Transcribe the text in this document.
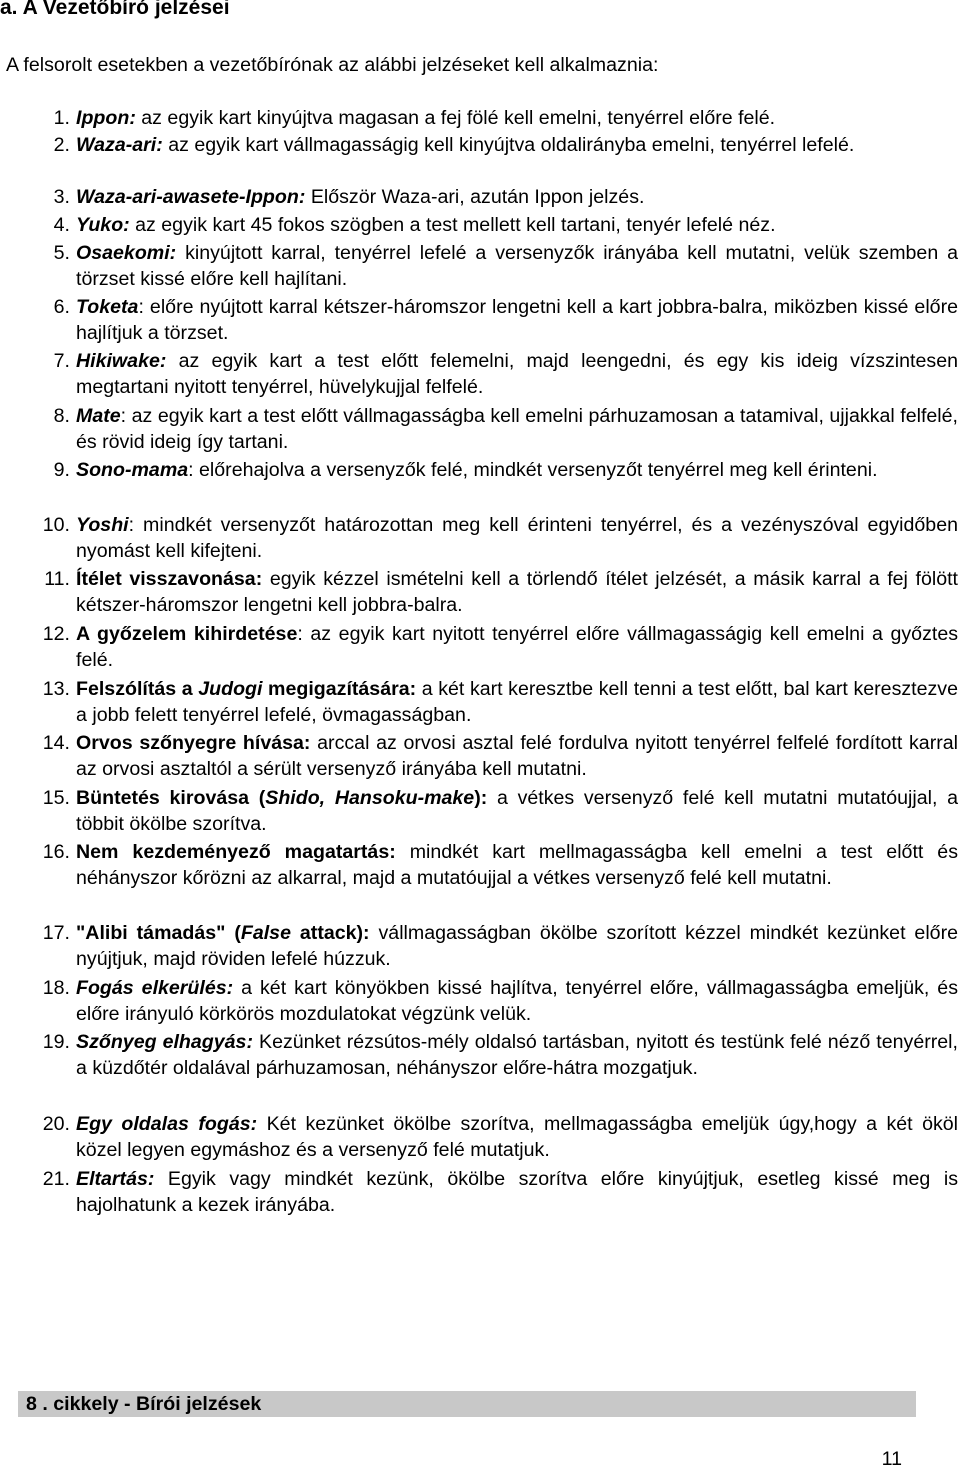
a. A Vezetőbíró jelzései

A felsorolt esetekben a vezetőbírónak az alábbi jelzéseket kell alkalmaznia:

1. Ippon: az egyik kart kinyújtva magasan a fej fölé kell emelni, tenyérrel előre felé.
2. Waza-ari: az egyik kart vállmagasságig kell kinyújtva oldalirányba emelni, tenyérrel lefelé.
3. Waza-ari-awasete-Ippon: Először Waza-ari, azután Ippon jelzés.
4. Yuko: az egyik kart 45 fokos szögben a test mellett kell tartani, tenyér lefelé néz.
5. Osaekomi: kinyújtott karral, tenyérrel lefelé a versenyzők irányába kell mutatni, velük szemben a törzset kissé előre kell hajlítani.
6. Toketa: előre nyújtott karral kétszer-háromszor lengetni kell a kart jobbra-balra, miközben kissé előre hajlítjuk a törzset.
7. Hikiwake: az egyik kart a test előtt felemelni, majd leengedni, és egy kis ideig vízszintesen megtartani nyitott tenyérrel, hüvelykujjal felfelé.
8. Mate: az egyik kart a test előtt vállmagasságba kell emelni párhuzamosan a tatamival, ujjakkal felfelé, és rövid ideig így tartani.
9. Sono-mama: előrehajolva a versenyzők felé, mindkét versenyzőt tenyérrel meg kell érinteni.
10. Yoshi: mindkét versenyzőt határozottan meg kell érinteni tenyérrel, és a vezényszóval egyidőben nyomást kell kifejteni.
11. Ítélet visszavonása: egyik kézzel ismételni kell a törlendő ítélet jelzését, a másik karral a fej fölött kétszer-háromszor lengetni kell jobbra-balra.
12. A győzelem kihirdetése: az egyik kart nyitott tenyérrel előre vállmagasságig kell emelni a győztes felé.
13. Felszólítás a Judogi megigazítására: a két kart keresztbe kell tenni a test előtt, bal kart keresztezve a jobb felett tenyérrel lefelé, övmagasságban.
14. Orvos szőnyegre hívása: arccal az orvosi asztal felé fordulva nyitott tenyérrel felfelé fordított karral az orvosi asztaltól a sérült versenyző irányába kell mutatni.
15. Büntetés kirovása (Shido, Hansoku-make): a vétkes versenyző felé kell mutatni mutatóujjal, a többit ökölbe szorítva.
16. Nem kezdeményező magatartás: mindkét kart mellmagasságba kell emelni a test előtt és néhányszor kőrözni az alkarral, majd a mutatóujjal a vétkes versenyző felé kell mutatni.
17. "Alibi támadás" (False attack): vállmagasságban ökölbe szorított kézzel mindkét kezünket előre nyújtjuk, majd röviden lefelé húzzuk.
18. Fogás elkerülés: a két kart könyökben kissé hajlítva, tenyérrel előre, vállmagasságba emeljük, és előre irányuló körkörös mozdulatokat végzünk velük.
19. Szőnyeg elhagyás: Kezünket rézsútos-mély oldalsó tartásban, nyitott és testünk felé néző tenyérrel, a küzdőtér oldalával párhuzamosan, néhányszor előre-hátra mozgatjuk.
20. Egy oldalas fogás: Két kezünket ökölbe szorítva, mellmagasságba emeljük úgy,hogy a két ököl közel legyen egymáshoz és a versenyző felé mutatjuk.
21. Eltartás: Egyik vagy mindkét kezünk, ökölbe szorítva előre kinyújtjuk, esetleg kissé meg is hajolhatunk a kezek irányába.
8 . cikkely - Bírói jelzések
11
